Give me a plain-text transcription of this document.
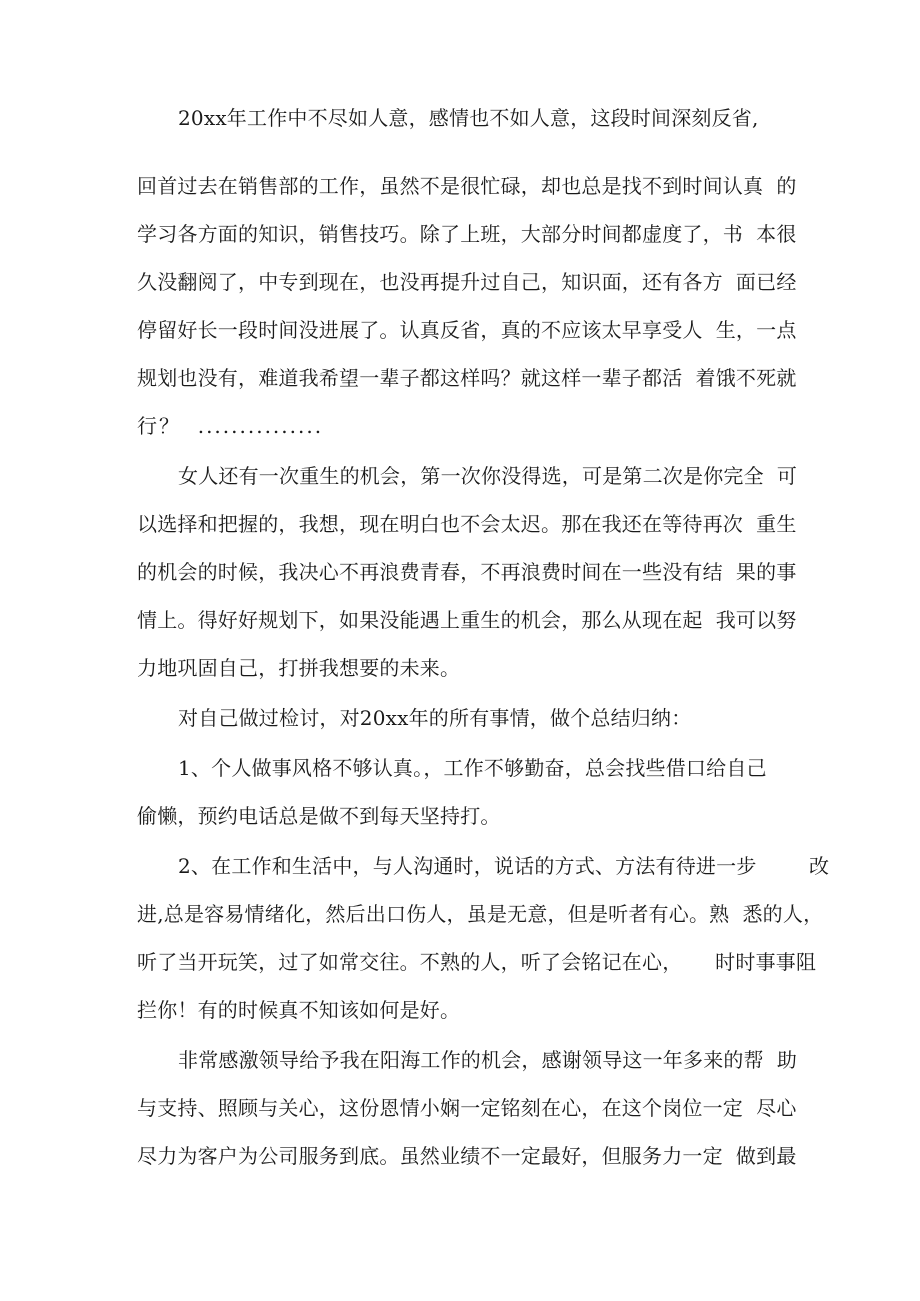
20xx年工作中不尽如人意，感情也不如人意，这段时间深刻反省,
回首过去在销售部的工作，虽然不是很忙碌，却也总是找不到时间认真  的
学习各方面的知识，销售技巧。除了上班，大部分时间都虚度了，书  本很
久没翻阅了，中专到现在，也没再提升过自己，知识面，还有各方  面已经
停留好长一段时间没进展了。认真反省，真的不应该太早享受人  生，一点
规划也没有，难道我希望一辈子都这样吗？就这样一辈子都活  着饿不死就
行？  ...............
女人还有一次重生的机会，第一次你没得选，可是第二次是你完全  可
以选择和把握的，我想，现在明白也不会太迟。那在我还在等待再次  重生
的机会的时候，我决心不再浪费青春，不再浪费时间在一些没有结  果的事
情上。得好好规划下，如果没能遇上重生的机会，那么从现在起  我可以努
力地巩固自己，打拼我想要的未来。
对自己做过检讨，对20xx年的所有事情，做个总结归纳：
1、个人做事风格不够认真。，工作不够勤奋，总会找些借口给自己
偷懒，预约电话总是做不到每天坚持打。
2、在工作和生活中，与人沟通时，说话的方式、方法有待进一步        改
进,总是容易情绪化，然后出口伤人，虽是无意，但是听者有心。熟  悉的人，
听了当开玩笑，过了如常交往。不熟的人，听了会铭记在心，     时时事事阻
拦你！有的时候真不知该如何是好。
非常感激领导给予我在阳海工作的机会，感谢领导这一年多来的帮  助
与支持、照顾与关心，这份恩情小娴一定铭刻在心，在这个岗位一定  尽心
尽力为客户为公司服务到底。虽然业绩不一定最好，但服务力一定  做到最
